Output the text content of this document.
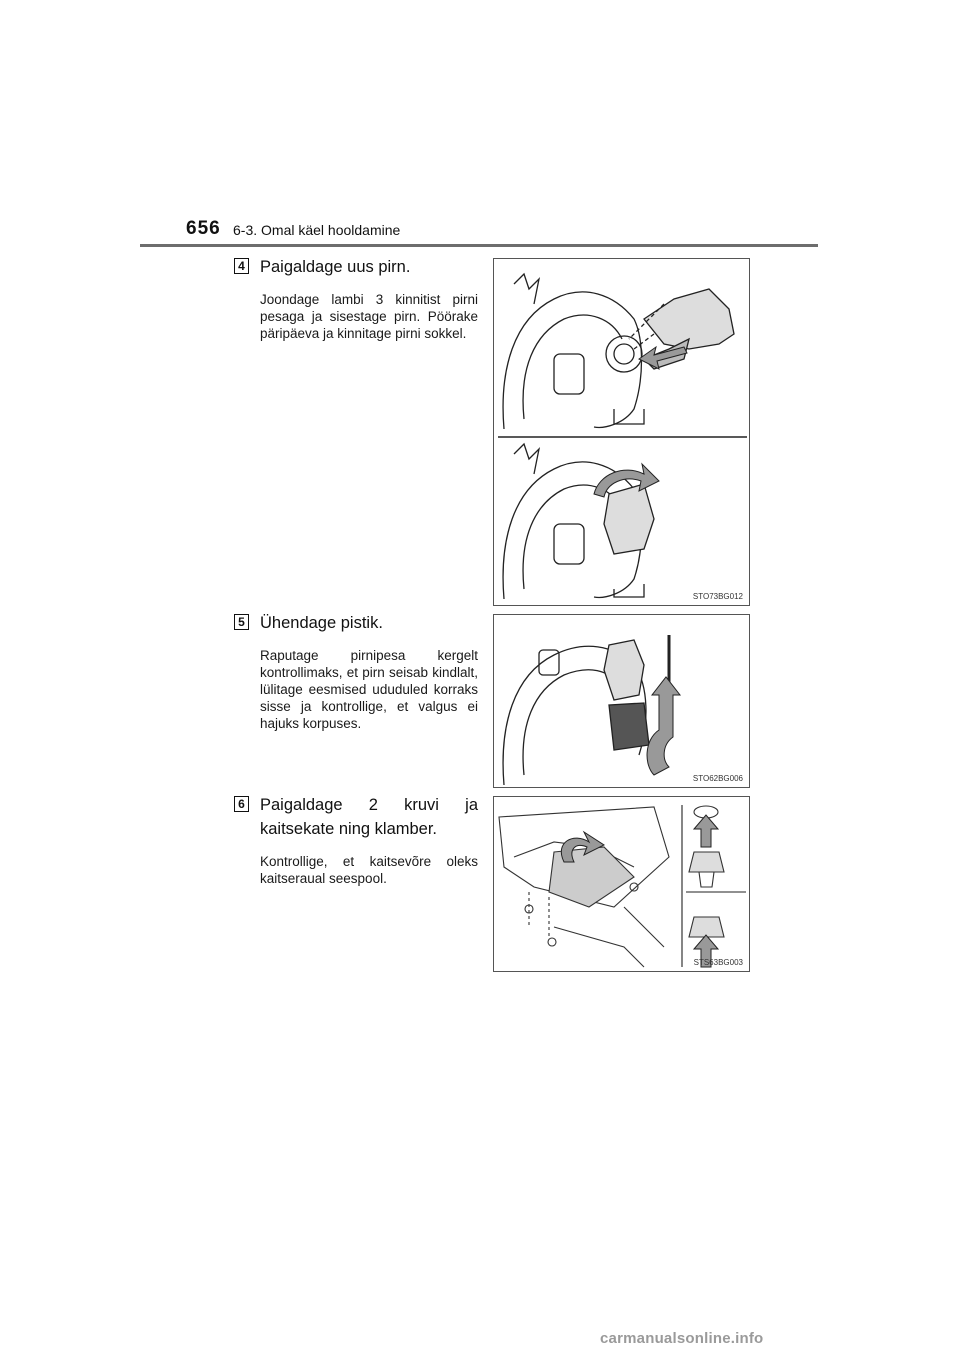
656 6-3. Omal käel hooldamine
4 Paigaldage uus pirn.
Joondage lambi 3 kinnitist pirni pesaga ja sisestage pirn. Pöörake päripäeva ja kinnitage pirni sokkel.
STO73BG012
5 Ühendage pistik.
Raputage pirnipesa kergelt kontrollimaks, et pirn seisab kindlalt, lülitage eesmised ududuled korraks sisse ja kontrollige, et valgus ei hajuks korpuses.
STO62BG006
6 Paigaldage 2 kruvi ja kaitsekate ning klamber.
Kontrollige, et kaitsevõre oleks kaitseraual seespool.
STS63BG003
carmanualsonline.info
